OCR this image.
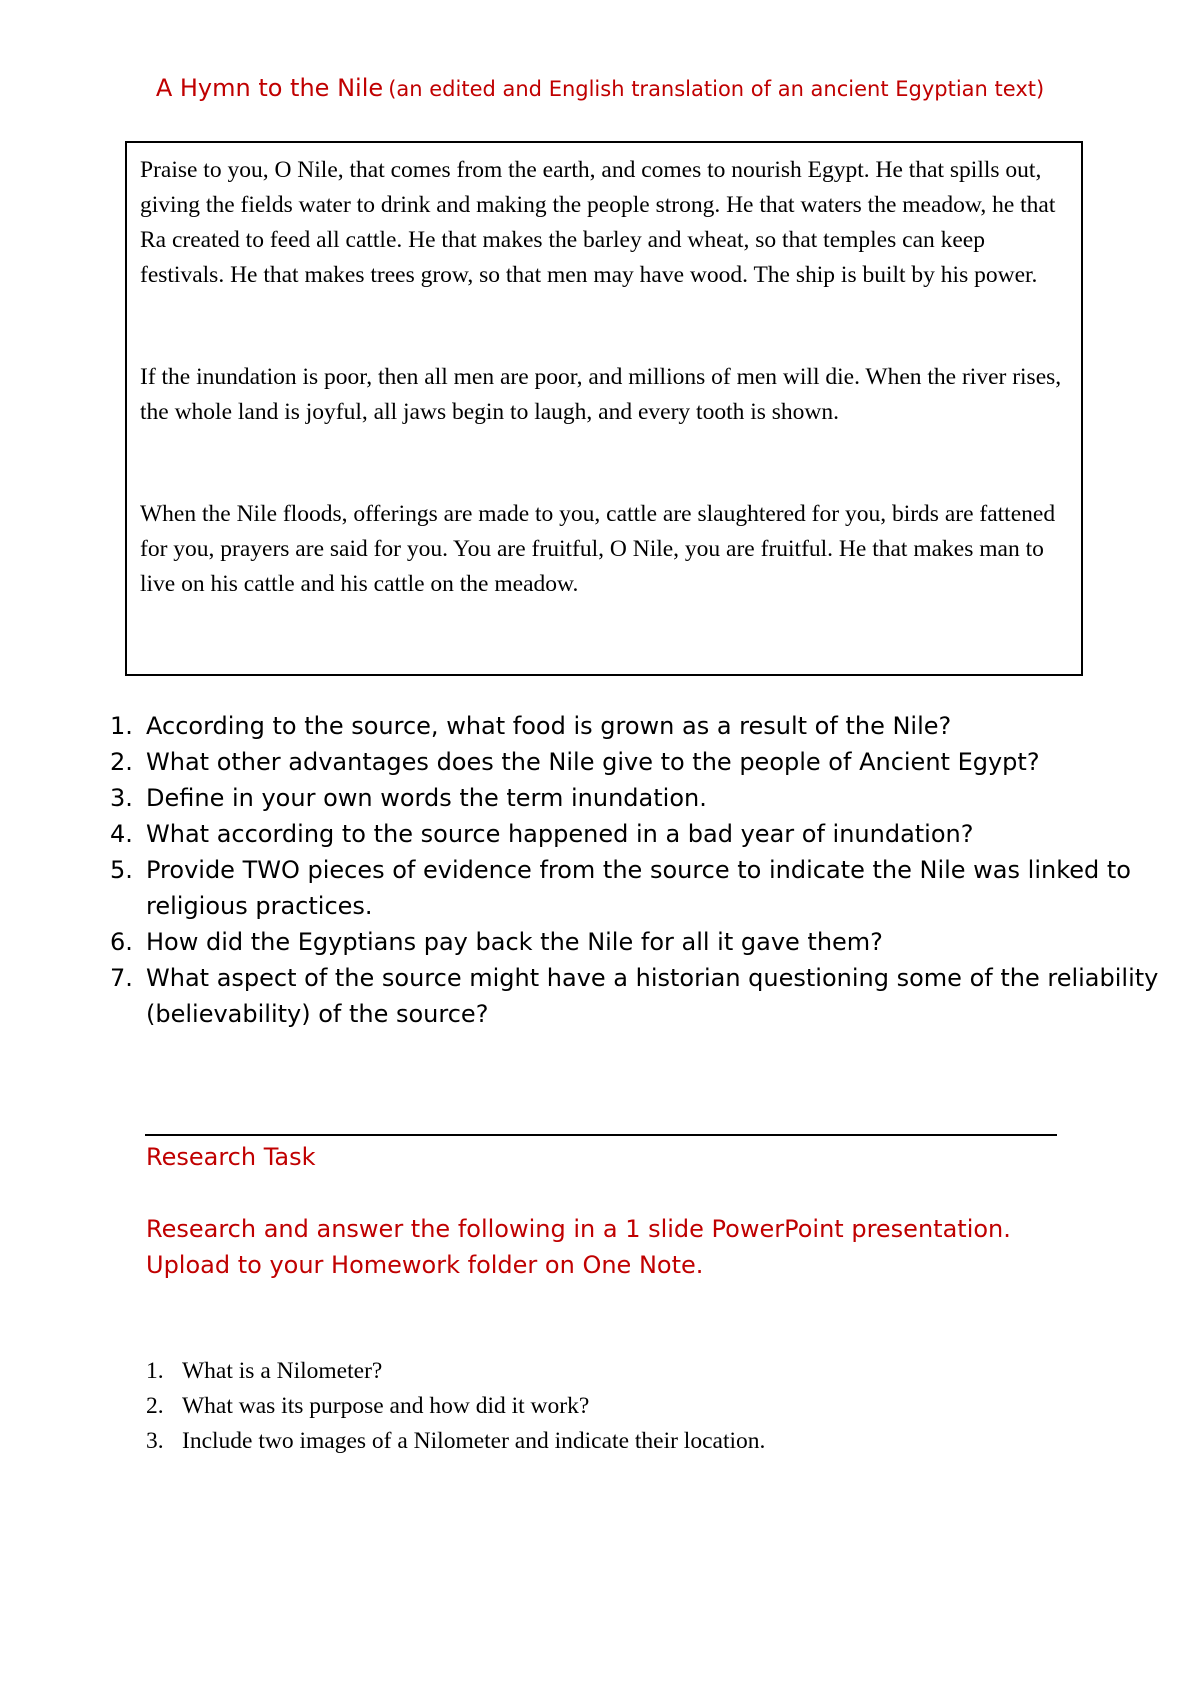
A Hymn to the Nile (an edited and English translation of an ancient Egyptian text)

Praise to you, O Nile, that comes from the earth, and comes to nourish Egypt. He that spills out, giving the fields water to drink and making the people strong. He that waters the meadow, he that Ra created to feed all cattle. He that makes the barley and wheat, so that temples can keep festivals. He that makes trees grow, so that men may have wood. The ship is built by his power.

If the inundation is poor, then all men are poor, and millions of men will die. When the river rises, the whole land is joyful, all jaws begin to laugh, and every tooth is shown.

When the Nile floods, offerings are made to you, cattle are slaughtered for you, birds are fattened for you, prayers are said for you. You are fruitful, O Nile, you are fruitful. He that makes man to live on his cattle and his cattle on the meadow.

1. According to the source, what food is grown as a result of the Nile?
2. What other advantages does the Nile give to the people of Ancient Egypt?
3. Define in your own words the term inundation.
4. What according to the source happened in a bad year of inundation?
5. Provide TWO pieces of evidence from the source to indicate the Nile was linked to religious practices.
6. How did the Egyptians pay back the Nile for all it gave them?
7. What aspect of the source might have a historian questioning some of the reliability (believability) of the source?
Research Task

Research and answer the following in a 1 slide PowerPoint presentation.

Upload to your Homework folder on One Note.

1. What is a Nilometer?
2. What was its purpose and how did it work?
3. Include two images of a Nilometer and indicate their location.
